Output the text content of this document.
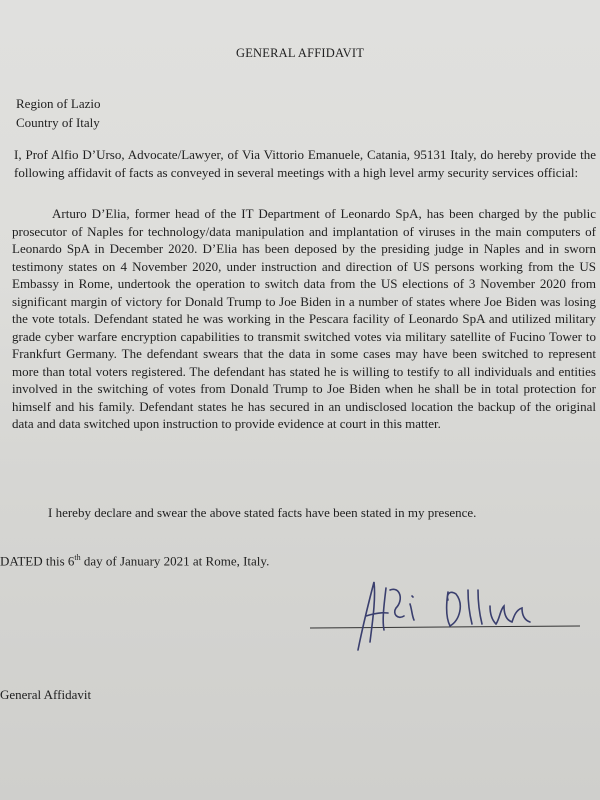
GENERAL AFFIDAVIT
Region of Lazio
Country of Italy
I, Prof Alfio D’Urso, Advocate/Lawyer, of Via Vittorio Emanuele, Catania, 95131 Italy, do hereby provide the following affidavit of facts as conveyed in several meetings with a high level army security services official:
Arturo D’Elia, former head of the IT Department of Leonardo SpA, has been charged by the public prosecutor of Naples for technology/data manipulation and implantation of viruses in the main computers of Leonardo SpA in December 2020. D’Elia has been deposed by the presiding judge in Naples and in sworn testimony states on 4 November 2020, under instruction and direction of US persons working from the US Embassy in Rome, undertook the operation to switch data from the US elections of 3 November 2020 from significant margin of victory for Donald Trump to Joe Biden in a number of states where Joe Biden was losing the vote totals. Defendant stated he was working in the Pescara facility of Leonardo SpA and utilized military grade cyber warfare encryption capabilities to transmit switched votes via military satellite of Fucino Tower to Frankfurt Germany. The defendant swears that the data in some cases may have been switched to represent more than total voters registered. The defendant has stated he is willing to testify to all individuals and entities involved in the switching of votes from Donald Trump to Joe Biden when he shall be in total protection for himself and his family. Defendant states he has secured in an undisclosed location the backup of the original data and data switched upon instruction to provide evidence at court in this matter.
I hereby declare and swear the above stated facts have been stated in my presence.
DATED this 6th day of January 2021 at Rome, Italy.
General Affidavit
